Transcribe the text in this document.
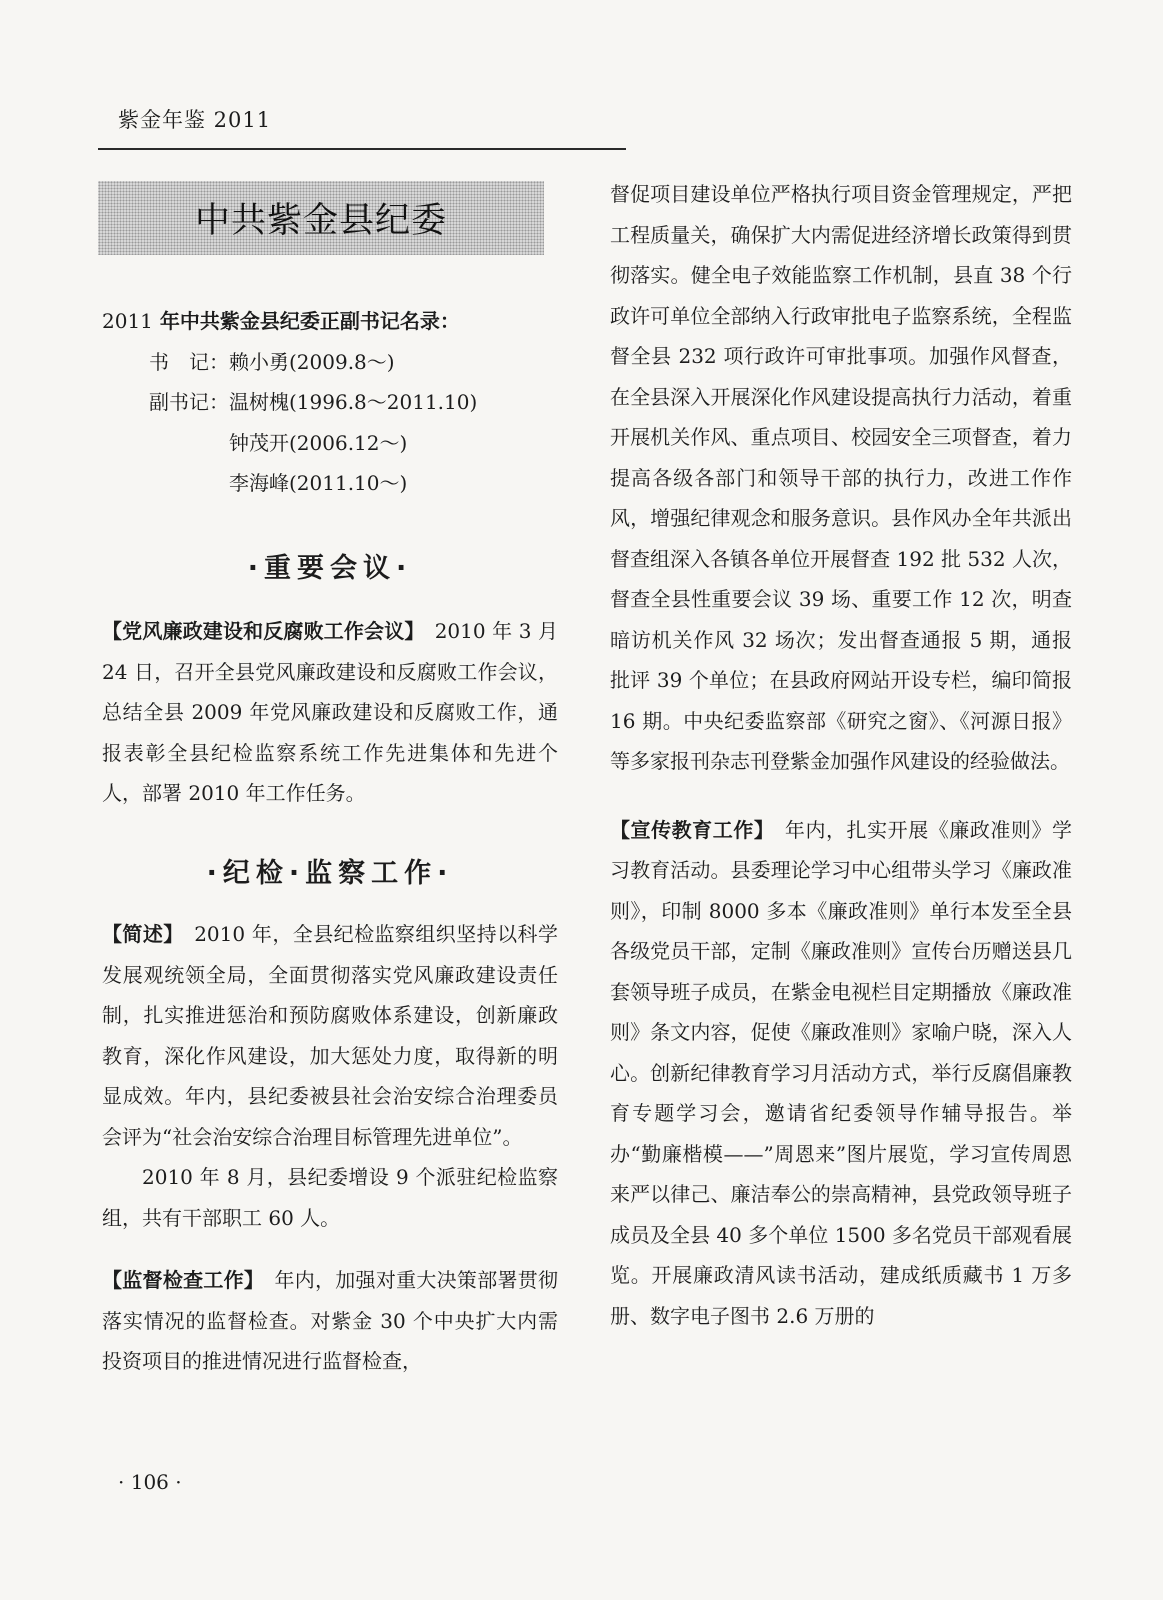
紫金年鉴 2011
中共紫金县纪委

2011 年中共紫金县纪委正副书记名录：

书　记：赖小勇(2009.8～)
副书记：温树槐(1996.8～2011.10)
钟茂开(2006.12～)
李海峰(2011.10～)
·重要会议·

【党风廉政建设和反腐败工作会议】　 2010 年 3 月 24 日，召开全县党风廉政建设和反腐败工作会议，总结全县 2009 年党风廉政建设和反腐败工作，通报表彰全县纪检监察系统工作先进集体和先进个人，部署 2010 年工作任务。

·纪检·监察工作·

【简述】　 2010 年，全县纪检监察组织坚持以科学发展观统领全局，全面贯彻落实党风廉政建设责任制，扎实推进惩治和预防腐败体系建设，创新廉政教育，深化作风建设，加大惩处力度，取得新的明显成效。年内，县纪委被县社会治安综合治理委员会评为“社会治安综合治理目标管理先进单位”。

2010 年 8 月，县纪委增设 9 个派驻纪检监察组，共有干部职工 60 人。

【监督检查工作】　 年内，加强对重大决策部署贯彻落实情况的监督检查。对紫金 30 个中央扩大内需投资项目的推进情况进行监督检查，

督促项目建设单位严格执行项目资金管理规定，严把工程质量关，确保扩大内需促进经济增长政策得到贯彻落实。健全电子效能监察工作机制，县直 38 个行政许可单位全部纳入行政审批电子监察系统，全程监督全县 232 项行政许可审批事项。加强作风督查，在全县深入开展深化作风建设提高执行力活动，着重开展机关作风、重点项目、校园安全三项督查，着力提高各级各部门和领导干部的执行力，改进工作作风，增强纪律观念和服务意识。县作风办全年共派出督查组深入各镇各单位开展督查 192 批 532 人次，督查全县性重要会议 39 场、重要工作 12 次，明查暗访机关作风 32 场次；发出督查通报 5 期，通报批评 39 个单位；在县政府网站开设专栏，编印简报 16 期。中央纪委监察部《研究之窗》、《河源日报》等多家报刊杂志刊登紫金加强作风建设的经验做法。

【宣传教育工作】　 年内，扎实开展《廉政准则》学习教育活动。县委理论学习中心组带头学习《廉政准则》，印制 8000 多本《廉政准则》单行本发至全县各级党员干部，定制《廉政准则》宣传台历赠送县几套领导班子成员，在紫金电视栏目定期播放《廉政准则》条文内容，促使《廉政准则》家喻户晓，深入人心。创新纪律教育学习月活动方式，举行反腐倡廉教育专题学习会，邀请省纪委领导作辅导报告。举办“勤廉楷模——”周恩来”图片展览，学习宣传周恩来严以律己、廉洁奉公的崇高精神，县党政领导班子成员及全县 40 多个单位 1500 多名党员干部观看展览。开展廉政清风读书活动，建成纸质藏书 1 万多册、数字电子图书 2.6 万册的

· 106 ·
